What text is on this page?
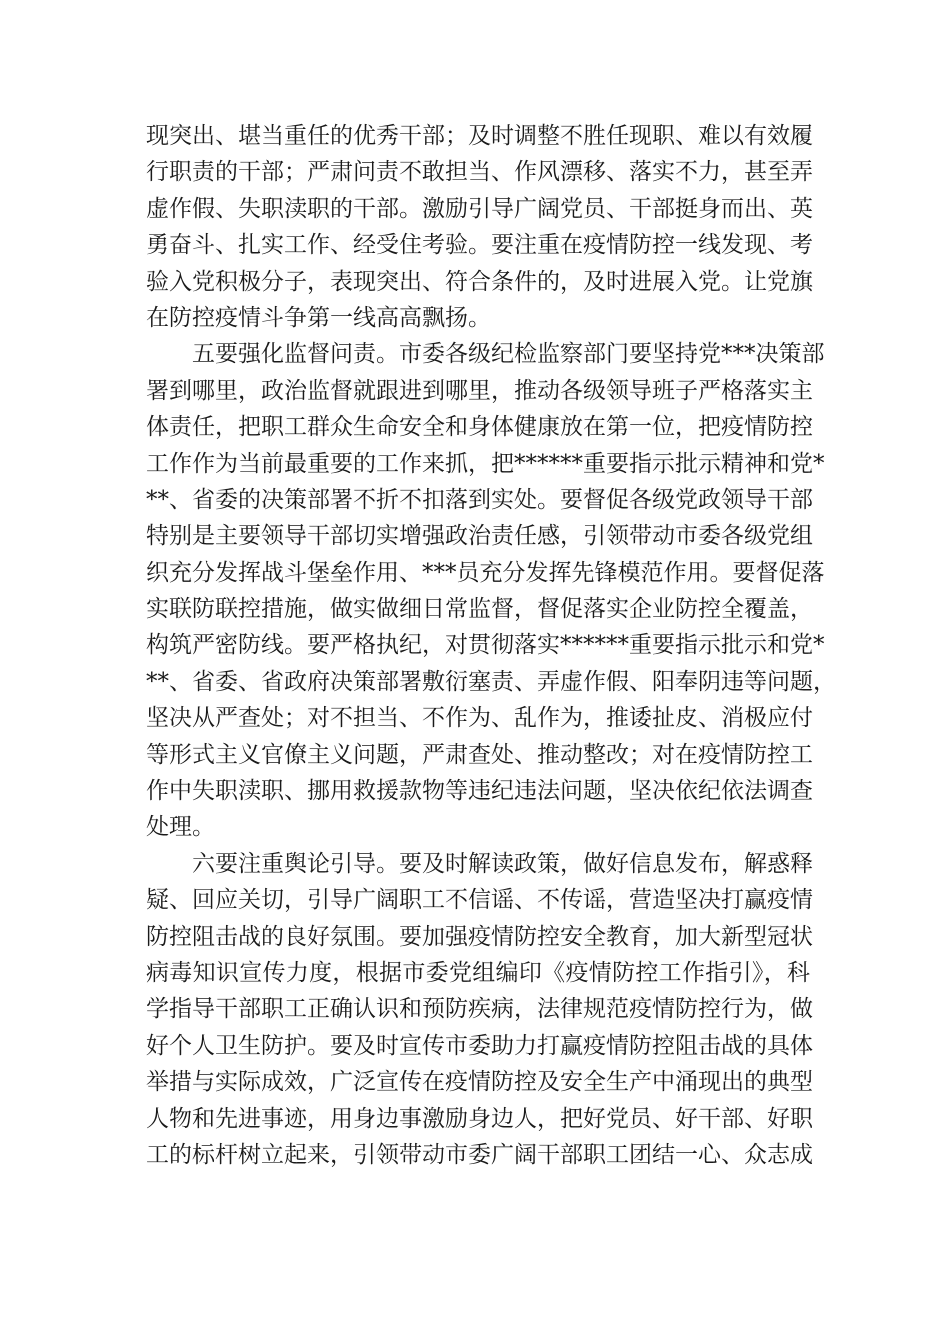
现突出、堪当重任的优秀干部；及时调整不胜任现职、难以有效履
行职责的干部；严肃问责不敢担当、作风漂移、落实不力，甚至弄
虚作假、失职渎职的干部。激励引导广阔党员、干部挺身而出、英
勇奋斗、扎实工作、经受住考验。要注重在疫情防控一线发现、考
验入党积极分子，表现突出、符合条件的，及时进展入党。让党旗
在防控疫情斗争第一线高高飘扬。
五要强化监督问责。市委各级纪检监察部门要坚持党***决策部
署到哪里，政治监督就跟进到哪里，推动各级领导班子严格落实主
体责任，把职工群众生命安全和身体健康放在第一位，把疫情防控
工作作为当前最重要的工作来抓，把******重要指示批示精神和党*
**、省委的决策部署不折不扣落到实处。要督促各级党政领导干部
特别是主要领导干部切实增强政治责任感，引领带动市委各级党组
织充分发挥战斗堡垒作用、***员充分发挥先锋模范作用。要督促落
实联防联控措施，做实做细日常监督，督促落实企业防控全覆盖，
构筑严密防线。要严格执纪，对贯彻落实******重要指示批示和党*
**、省委、省政府决策部署敷衍塞责、弄虚作假、阳奉阴违等问题，
坚决从严查处；对不担当、不作为、乱作为，推诿扯皮、消极应付
等形式主义官僚主义问题，严肃查处、推动整改；对在疫情防控工
作中失职渎职、挪用救援款物等违纪违法问题，坚决依纪依法调查
处理。
六要注重舆论引导。要及时解读政策，做好信息发布，解惑释
疑、回应关切，引导广阔职工不信谣、不传谣，营造坚决打赢疫情
防控阻击战的良好氛围。要加强疫情防控安全教育，加大新型冠状
病毒知识宣传力度，根据市委党组编印《疫情防控工作指引》，科
学指导干部职工正确认识和预防疾病，法律规范疫情防控行为，做
好个人卫生防护。要及时宣传市委助力打赢疫情防控阻击战的具体
举措与实际成效，广泛宣传在疫情防控及安全生产中涌现出的典型
人物和先进事迹，用身边事激励身边人，把好党员、好干部、好职
工的标杆树立起来，引领带动市委广阔干部职工团结一心、众志成
